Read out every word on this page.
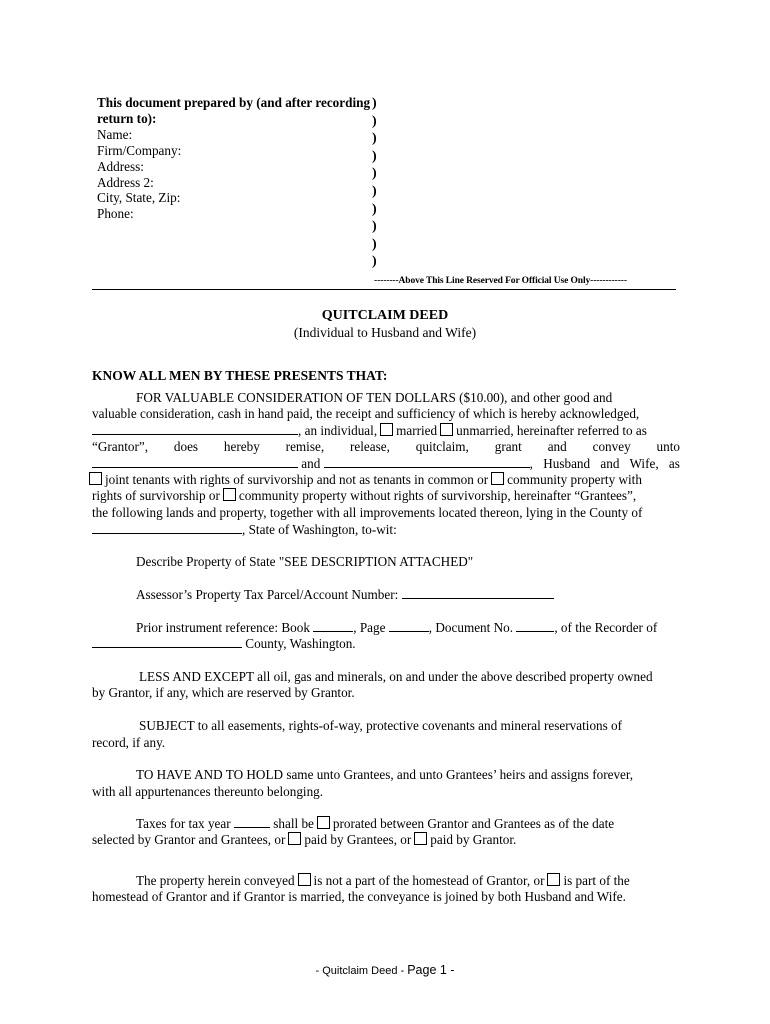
This document prepared by (and after recording
return to):
Name:
Firm/Company:
Address:
Address 2:
City, State, Zip:
Phone:
)
)
)
)
)
)
)
)
)
)
--------Above This Line Reserved For Official Use Only------------
QUITCLAIM DEED
(Individual to Husband and Wife)
KNOW ALL MEN BY THESE PRESENTS THAT:
FOR VALUABLE CONSIDERATION OF TEN DOLLARS ($10.00), and other good and
valuable consideration, cash in hand paid, the receipt and sufficiency of which is hereby acknowledged,
, an individual, married unmarried, hereinafter referred to as
“Grantor”, does hereby remise, release, quitclaim, grant and convey unto
and	, Husband and Wife, as
joint tenants with rights of survivorship and not as tenants in common or community property with
rights of survivorship or community property without rights of survivorship, hereinafter “Grantees”,
the following lands and property, together with all improvements located thereon, lying in the County of
, State of Washington, to-wit:
Describe Property of State "SEE DESCRIPTION ATTACHED"
Assessor’s Property Tax Parcel/Account Number:
Prior instrument reference: Book	, Page	, Document No.	, of the Recorder of
County, Washington.
LESS AND EXCEPT all oil, gas and minerals, on and under the above described property owned
by Grantor, if any, which are reserved by Grantor.
SUBJECT to all easements, rights-of-way, protective covenants and mineral reservations of
record, if any.
TO HAVE AND TO HOLD same unto Grantees, and unto Grantees’ heirs and assigns forever,
with all appurtenances thereunto belonging.
Taxes for tax year	shall be prorated between Grantor and Grantees as of the date
selected by Grantor and Grantees, or paid by Grantees, or paid by Grantor.
The property herein conveyed is not a part of the homestead of Grantor, or is part of the
homestead of Grantor and if Grantor is married, the conveyance is joined by both Husband and Wife.
- Quitclaim Deed - Page 1 -
